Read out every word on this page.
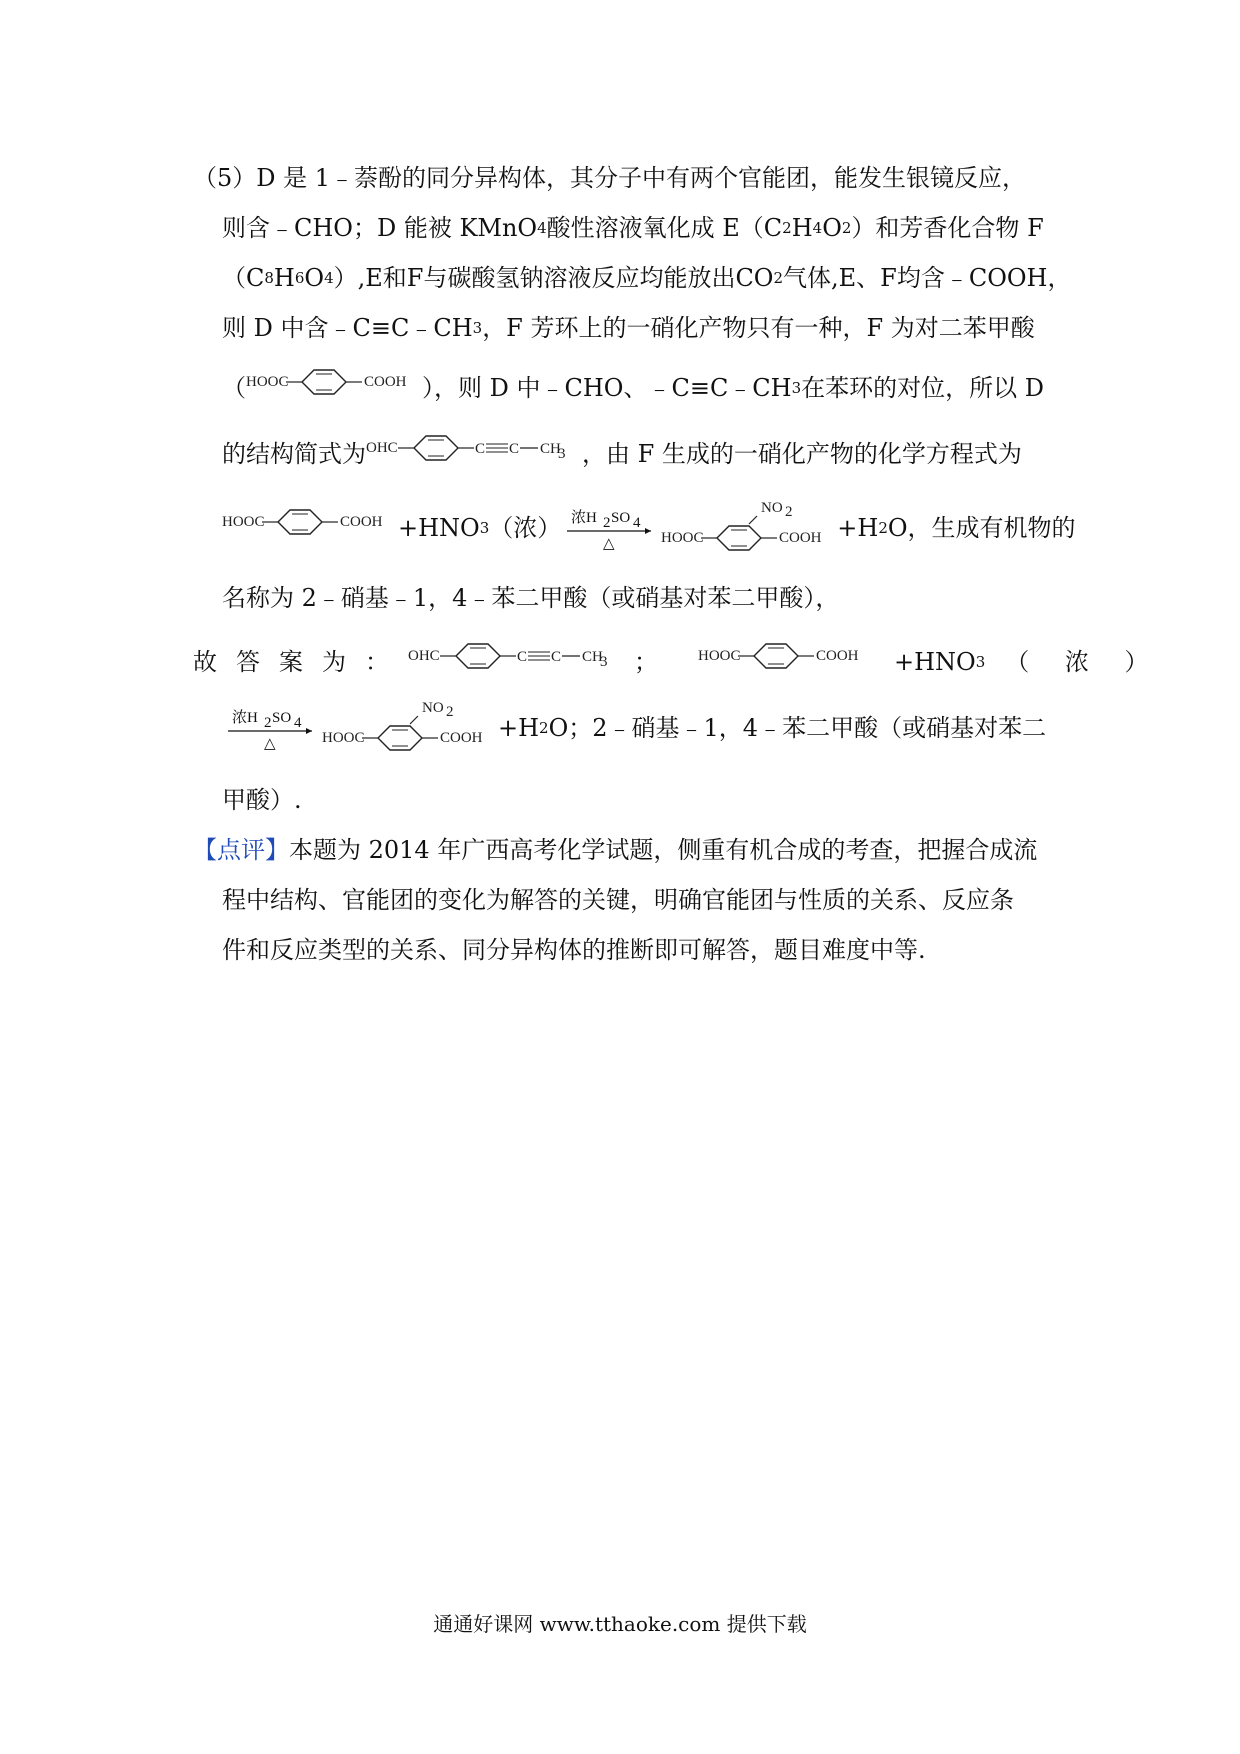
（5）D 是 1﹣萘酚的同分异构体，其分子中有两个官能团，能发生银镜反应，
则含﹣CHO；D 能被 KMnO 4 酸性溶液氧化成 E（C 2 H 4 O 2 ）和芳香化合物 F
（C 8 H 6 O 4 ）,E和F与碳酸氢钠溶液反应均能放出CO 2 气体,E、F均含﹣COOH，
则 D 中含﹣C≡C﹣CH 3 ，F 芳环上的一硝化产物只有一种，F 为对二苯甲酸
（ HOOC	COOH ），则 D 中﹣CHO、﹣C≡C﹣CH 3 在苯环的对位，所以 D
的结构简式为 OHC	C C CH
3 ，由 F 生成的一硝化产物的化学方程式为
HOOC	COOH +HNO 3 （浓） 浓H 2 SO 4
△
NO 2
HOOC	COOH +H 2 O，生成有机物的
名称为 2﹣硝基﹣1，4﹣苯二甲酸（或硝基对苯二甲酸），
故答案为： OHC	C C CH
3 ；	HOOC	COOH +HNO 3 （ 浓 ）
浓H 2 SO 4
△
NO 2
HOOC	COOH +H 2 O；2﹣硝基﹣1，4﹣苯二甲酸（或硝基对苯二
甲酸）.
【点评】 本题为 2014 年广西高考化学试题，侧重有机合成的考查，把握合成流
程中结构、官能团的变化为解答的关键，明确官能团与性质的关系、反应条
件和反应类型的关系、同分异构体的推断即可解答，题目难度中等.
通通好课网 www.tthaoke.com 提供下载
